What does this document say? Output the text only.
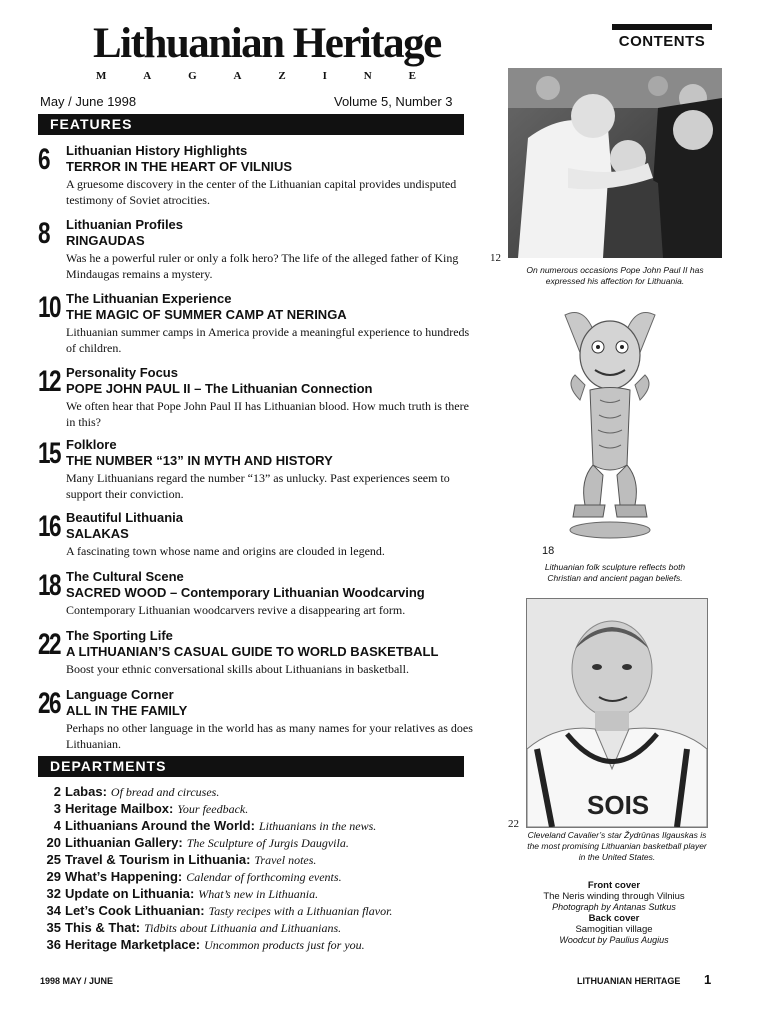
Lithuanian Heritage
M	A	G	A	Z	I	N	E
May / June 1998	Volume 5, Number 3
CONTENTS
FEATURES
6 Lithuanian History Highlights
TERROR IN THE HEART OF VILNIUS
A gruesome discovery in the center of the Lithuanian capital provides undisputed testimony of Soviet atrocities.
8 Lithuanian Profiles
RINGAUDAS
Was he a powerful ruler or only a folk hero? The life of the alleged father of King Mindaugas remains a mystery.
10 The Lithuanian Experience
THE MAGIC OF SUMMER CAMP AT NERINGA
Lithuanian summer camps in America provide a meaningful experience to hundreds of children.
12 Personality Focus
POPE JOHN PAUL II – The Lithuanian Connection
We often hear that Pope John Paul II has Lithuanian blood. How much truth is there in this?
15 Folklore
THE NUMBER “13” IN MYTH AND HISTORY
Many Lithuanians regard the number “13” as unlucky. Past experiences seem to support their conviction.
16 Beautiful Lithuania
SALAKAS
A fascinating town whose name and origins are clouded in legend.
18 The Cultural Scene
SACRED WOOD – Contemporary Lithuanian Woodcarving
Contemporary Lithuanian woodcarvers revive a disappearing art form.
22 The Sporting Life
A LITHUANIAN’S CASUAL GUIDE TO WORLD BASKETBALL
Boost your ethnic conversational skills about Lithuanians in basketball.
26 Language Corner
ALL IN THE FAMILY
Perhaps no other language in the world has as many names for your relatives as does Lithuanian.
DEPARTMENTS
2 Labas: Of bread and circuses.
3 Heritage Mailbox: Your feedback.
4 Lithuanians Around the World: Lithuanians in the news.
20 Lithuanian Gallery: The Sculpture of Jurgis Daugvila.
25 Travel & Tourism in Lithuania: Travel notes.
29 What’s Happening: Calendar of forthcoming events.
32 Update on Lithuania: What’s new in Lithuania.
34 Let’s Cook Lithuanian: Tasty recipes with a Lithuanian flavor.
35 This & That: Tidbits about Lithuania and Lithuanians.
36 Heritage Marketplace: Uncommon products just for you.
12
On numerous occasions Pope John Paul II has expressed his affection for Lithuania.
18
Lithuanian folk sculpture reflects both Christian and ancient pagan beliefs.
SOIS
22
Cleveland Cavalier’s star Žydrūnas Ilgauskas is the most promising Lithuanian basketball player in the United States.
Front cover
The Neris winding through Vilnius
Photograph by Antanas Sutkus
Back cover
Samogitian village
Woodcut by Paulius Augius
1998 MAY / JUNE	LITHUANIAN HERITAGE 1
